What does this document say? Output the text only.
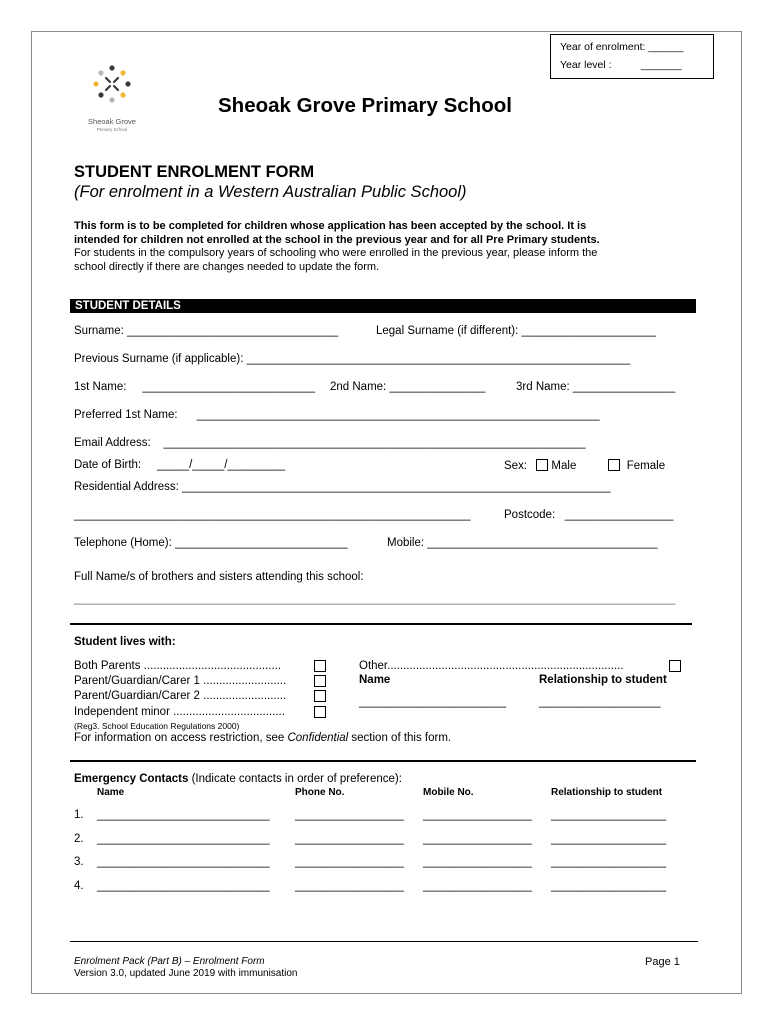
Year of enrolment: ______
Year level :          _______
Sheoak Grove
Primary School
Sheoak Grove Primary School
STUDENT ENROLMENT FORM
(For enrolment in a Western Australian Public School)

This form is to be completed for children whose application has been accepted by the school. It is

intended for children not enrolled at the school in the previous year and for all Pre Primary students.

For students in the compulsory years of schooling who were enrolled in the previous year, please inform the

school directly if there are changes needed to update the form.

STUDENT DETAILS
Surname: _________________________________	Legal Surname (if different): _____________________
Previous Surname (if applicable): ____________________________________________________________
1st Name:     ___________________________ 2nd Name: _______________	3rd Name: ________________
Preferred 1st Name:      _______________________________________________________________
Email Address:    __________________________________________________________________
Date of Birth:     _____/_____/_________	Sex: Male	Female
Residential Address: ___________________________________________________________________
______________________________________________________________	Postcode:   _________________
Telephone (Home): ___________________________	Mobile: ____________________________________
Full Name/s of brothers and sisters attending this school:
______________________________________________________________________________________________
Student lives with:
Both Parents ...........................................
Parent/Guardian/Carer 1 ..........................
Parent/Guardian/Carer 2 ..........................
Independent minor ...................................
(Reg3. School Education Regulations 2000)
For information on access restriction, see Confidential section of this form.
Other..........................................................................
Name	Relationship to student
_______________________	___________________
Emergency Contacts (Indicate contacts in order of preference):
Name	Phone No.	Mobile No.	Relationship to student
1. ___________________________ _________________ _________________ __________________
2. ___________________________ _________________ _________________ __________________
3. ___________________________ _________________ _________________ __________________
4. ___________________________ _________________ _________________ __________________
Enrolment Pack (Part B) – Enrolment Form
Version 3.0, updated June 2019 with immunisation
Page 1
